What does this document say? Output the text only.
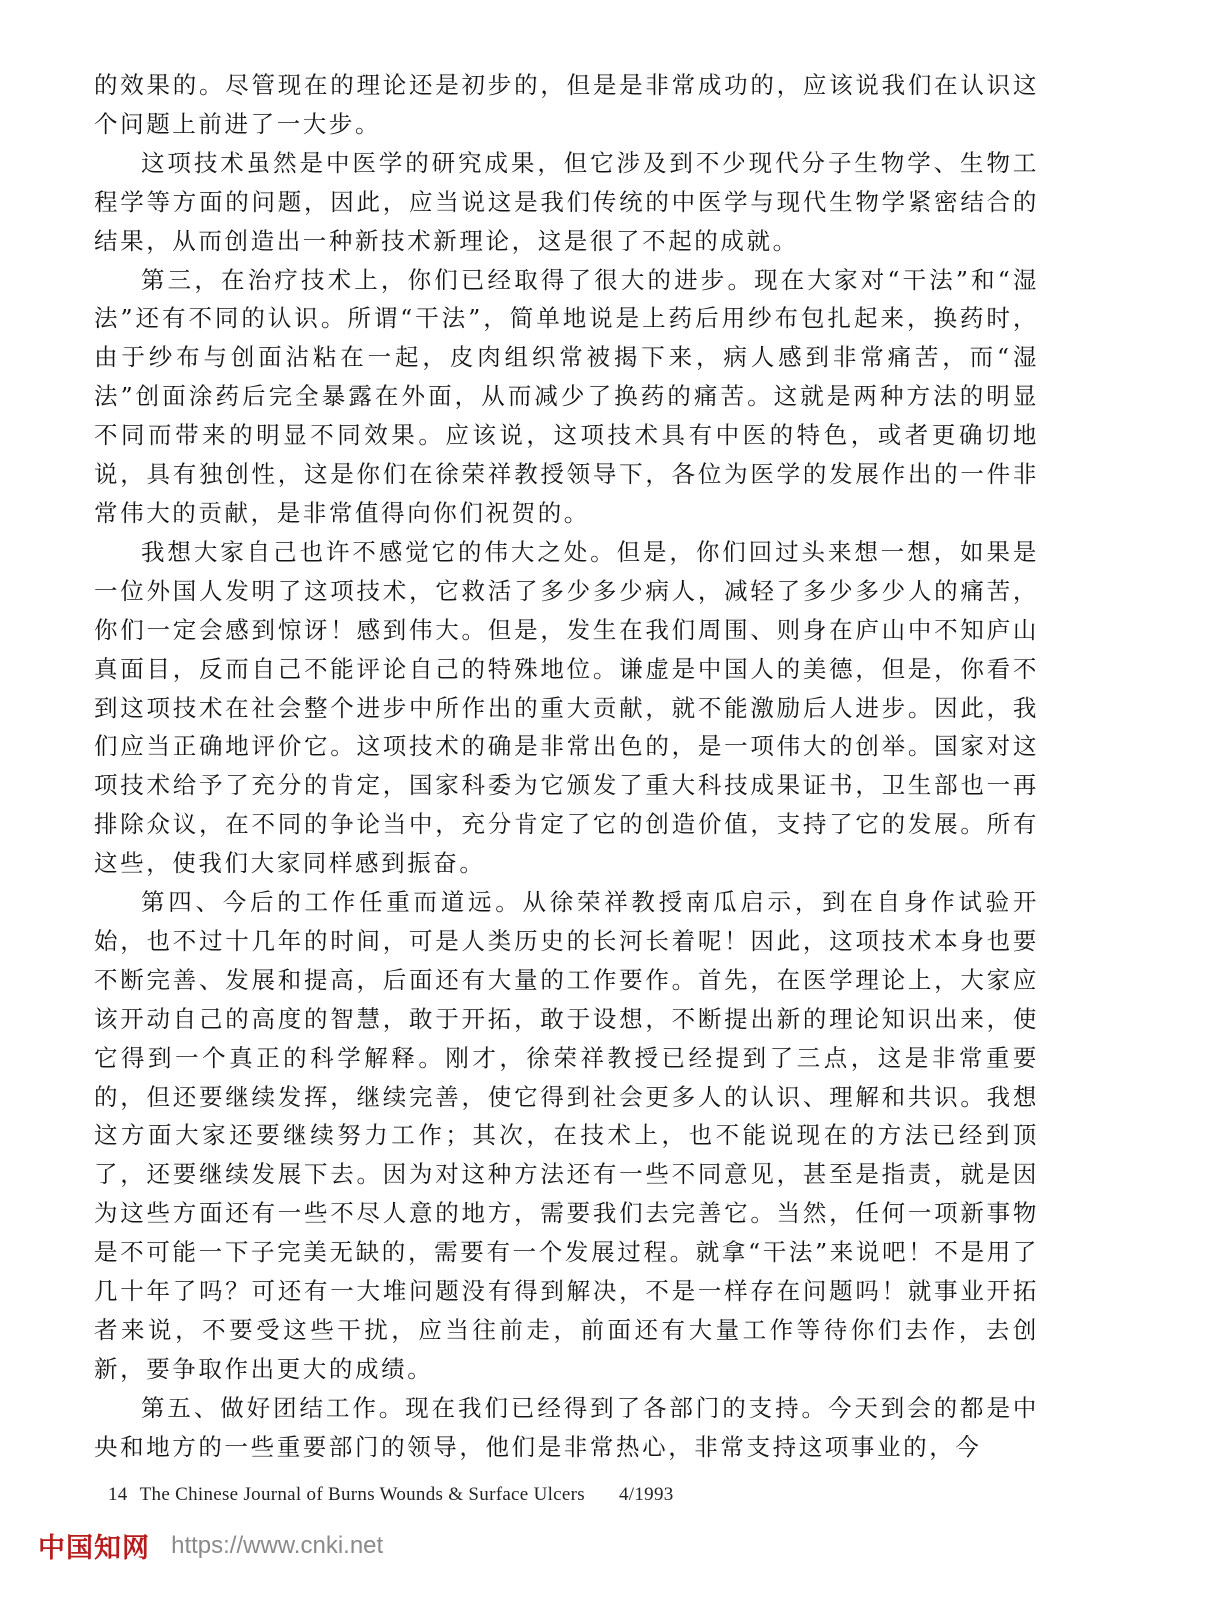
的效果的。尽管现在的理论还是初步的，但是是非常成功的，应该说我们在认识这个问题上前进了一大步。

这项技术虽然是中医学的研究成果，但它涉及到不少现代分子生物学、生物工程学等方面的问题，因此，应当说这是我们传统的中医学与现代生物学紧密结合的结果，从而创造出一种新技术新理论，这是很了不起的成就。

第三，在治疗技术上，你们已经取得了很大的进步。现在大家对“干法”和“湿法”还有不同的认识。所谓“干法”，简单地说是上药后用纱布包扎起来，换药时，由于纱布与创面沾粘在一起，皮肉组织常被揭下来，病人感到非常痛苦，而“湿法”创面涂药后完全暴露在外面，从而减少了换药的痛苦。这就是两种方法的明显不同而带来的明显不同效果。应该说，这项技术具有中医的特色，或者更确切地说，具有独创性，这是你们在徐荣祥教授领导下，各位为医学的发展作出的一件非常伟大的贡献，是非常值得向你们祝贺的。

我想大家自己也许不感觉它的伟大之处。但是，你们回过头来想一想，如果是一位外国人发明了这项技术，它救活了多少多少病人，减轻了多少多少人的痛苦，你们一定会感到惊讶！感到伟大。但是，发生在我们周围、则身在庐山中不知庐山真面目，反而自己不能评论自己的特殊地位。谦虚是中国人的美德，但是，你看不到这项技术在社会整个进步中所作出的重大贡献，就不能激励后人进步。因此，我们应当正确地评价它。这项技术的确是非常出色的，是一项伟大的创举。国家对这项技术给予了充分的肯定，国家科委为它颁发了重大科技成果证书，卫生部也一再排除众议，在不同的争论当中，充分肯定了它的创造价值，支持了它的发展。所有这些，使我们大家同样感到振奋。

第四、今后的工作任重而道远。从徐荣祥教授南瓜启示，到在自身作试验开始，也不过十几年的时间，可是人类历史的长河长着呢！因此，这项技术本身也要不断完善、发展和提高，后面还有大量的工作要作。首先，在医学理论上，大家应该开动自己的高度的智慧，敢于开拓，敢于设想，不断提出新的理论知识出来，使它得到一个真正的科学解释。刚才，徐荣祥教授已经提到了三点，这是非常重要的，但还要继续发挥，继续完善，使它得到社会更多人的认识、理解和共识。我想这方面大家还要继续努力工作；其次，在技术上，也不能说现在的方法已经到顶了，还要继续发展下去。因为对这种方法还有一些不同意见，甚至是指责，就是因为这些方面还有一些不尽人意的地方，需要我们去完善它。当然，任何一项新事物是不可能一下子完美无缺的，需要有一个发展过程。就拿“干法”来说吧！不是用了几十年了吗？可还有一大堆问题没有得到解决，不是一样存在问题吗！就事业开拓者来说，不要受这些干扰，应当往前走，前面还有大量工作等待你们去作，去创新，要争取作出更大的成绩。

第五、做好团结工作。现在我们已经得到了各部门的支持。今天到会的都是中央和地方的一些重要部门的领导，他们是非常热心，非常支持这项事业的，今

14 The Chinese Journal of Burns Wounds & Surface Ulcers 4/1993
中国知网 https://www.cnki.net
